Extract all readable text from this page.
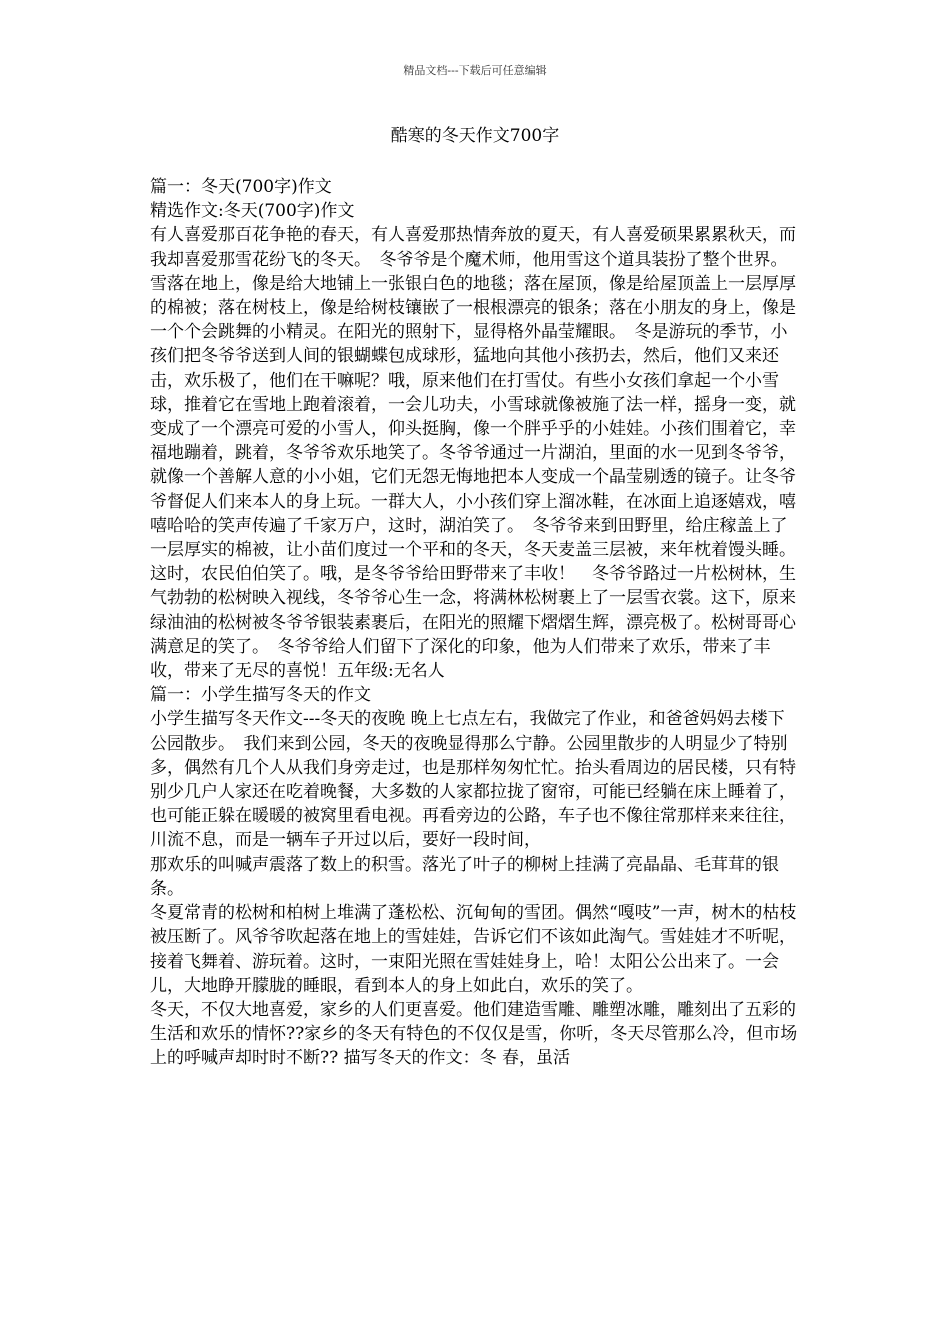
精品文档---下载后可任意编辑
酷寒的冬天作文700字

篇一：冬天(700字)作文

精选作文:冬天(700字)作文

有人喜爱那百花争艳的春天，有人喜爱那热情奔放的夏天，有人喜爱硕果累累秋天，而我却喜爱那雪花纷飞的冬天。　冬爷爷是个魔术师，他用雪这个道具装扮了整个世界。雪落在地上，像是给大地铺上一张银白色的地毯；落在屋顶，像是给屋顶盖上一层厚厚的棉被；落在树枝上，像是给树枝镶嵌了一根根漂亮的银条；落在小朋友的身上，像是一个个会跳舞的小精灵。在阳光的照射下，显得格外晶莹耀眼。　冬是游玩的季节，小孩们把冬爷爷送到人间的银蝴蝶包成球形，猛地向其他小孩扔去，然后，他们又来还击，欢乐极了，他们在干嘛呢？哦，原来他们在打雪仗。有些小女孩们拿起一个小雪球，推着它在雪地上跑着滚着，一会儿功夫，小雪球就像被施了法一样，摇身一变，就变成了一个漂亮可爱的小雪人，仰头挺胸，像一个胖乎乎的小娃娃。小孩们围着它，幸福地蹦着，跳着，冬爷爷欢乐地笑了。冬爷爷通过一片湖泊，里面的水一见到冬爷爷，就像一个善解人意的小小姐，它们无怨无悔地把本人变成一个晶莹剔透的镜子。让冬爷爷督促人们来本人的身上玩。一群大人，小小孩们穿上溜冰鞋，在冰面上追逐嬉戏，嘻嘻哈哈的笑声传遍了千家万户，这时，湖泊笑了。　冬爷爷来到田野里，给庄稼盖上了一层厚实的棉被，让小苗们度过一个平和的冬天，冬天麦盖三层被，来年枕着馒头睡。这时，农民伯伯笑了。哦，是冬爷爷给田野带来了丰收！　冬爷爷路过一片松树林，生气勃勃的松树映入视线，冬爷爷心生一念，将满林松树裹上了一层雪衣裳。这下，原来绿油油的松树被冬爷爷银装素裹后，在阳光的照耀下熠熠生辉，漂亮极了。松树哥哥心满意足的笑了。　冬爷爷给人们留下了深化的印象，他为人们带来了欢乐，带来了丰收，带来了无尽的喜悦！五年级:无名人

篇一：小学生描写冬天的作文

小学生描写冬天作文---冬天的夜晚 晚上七点左右，我做完了作业，和爸爸妈妈去楼下公园散步。　我们来到公园，冬天的夜晚显得那么宁静。公园里散步的人明显少了特别多，偶然有几个人从我们身旁走过，也是那样匆匆忙忙。抬头看周边的居民楼，只有特别少几户人家还在吃着晚餐，大多数的人家都拉拢了窗帘，可能已经躺在床上睡着了，也可能正躲在暖暖的被窝里看电视。再看旁边的公路，车子也不像往常那样来来往往，川流不息，而是一辆车子开过以后，要好一段时间，

那欢乐的叫喊声震落了数上的积雪。落光了叶子的柳树上挂满了亮晶晶、毛茸茸的银条。

冬夏常青的松树和柏树上堆满了蓬松松、沉甸甸的雪团。偶然“嘎吱”一声，树木的枯枝被压断了。风爷爷吹起落在地上的雪娃娃，告诉它们不该如此淘气。雪娃娃才不听呢，接着飞舞着、游玩着。这时，一束阳光照在雪娃娃身上，哈！太阳公公出来了。一会儿，大地睁开朦胧的睡眼，看到本人的身上如此白，欢乐的笑了。

冬天，不仅大地喜爱，家乡的人们更喜爱。他们建造雪雕、雕塑冰雕，雕刻出了五彩的生活和欢乐的情怀??家乡的冬天有特色的不仅仅是雪，你听，冬天尽管那么冷，但市场上的呼喊声却时时不断?? 描写冬天的作文：冬 春，虽活
